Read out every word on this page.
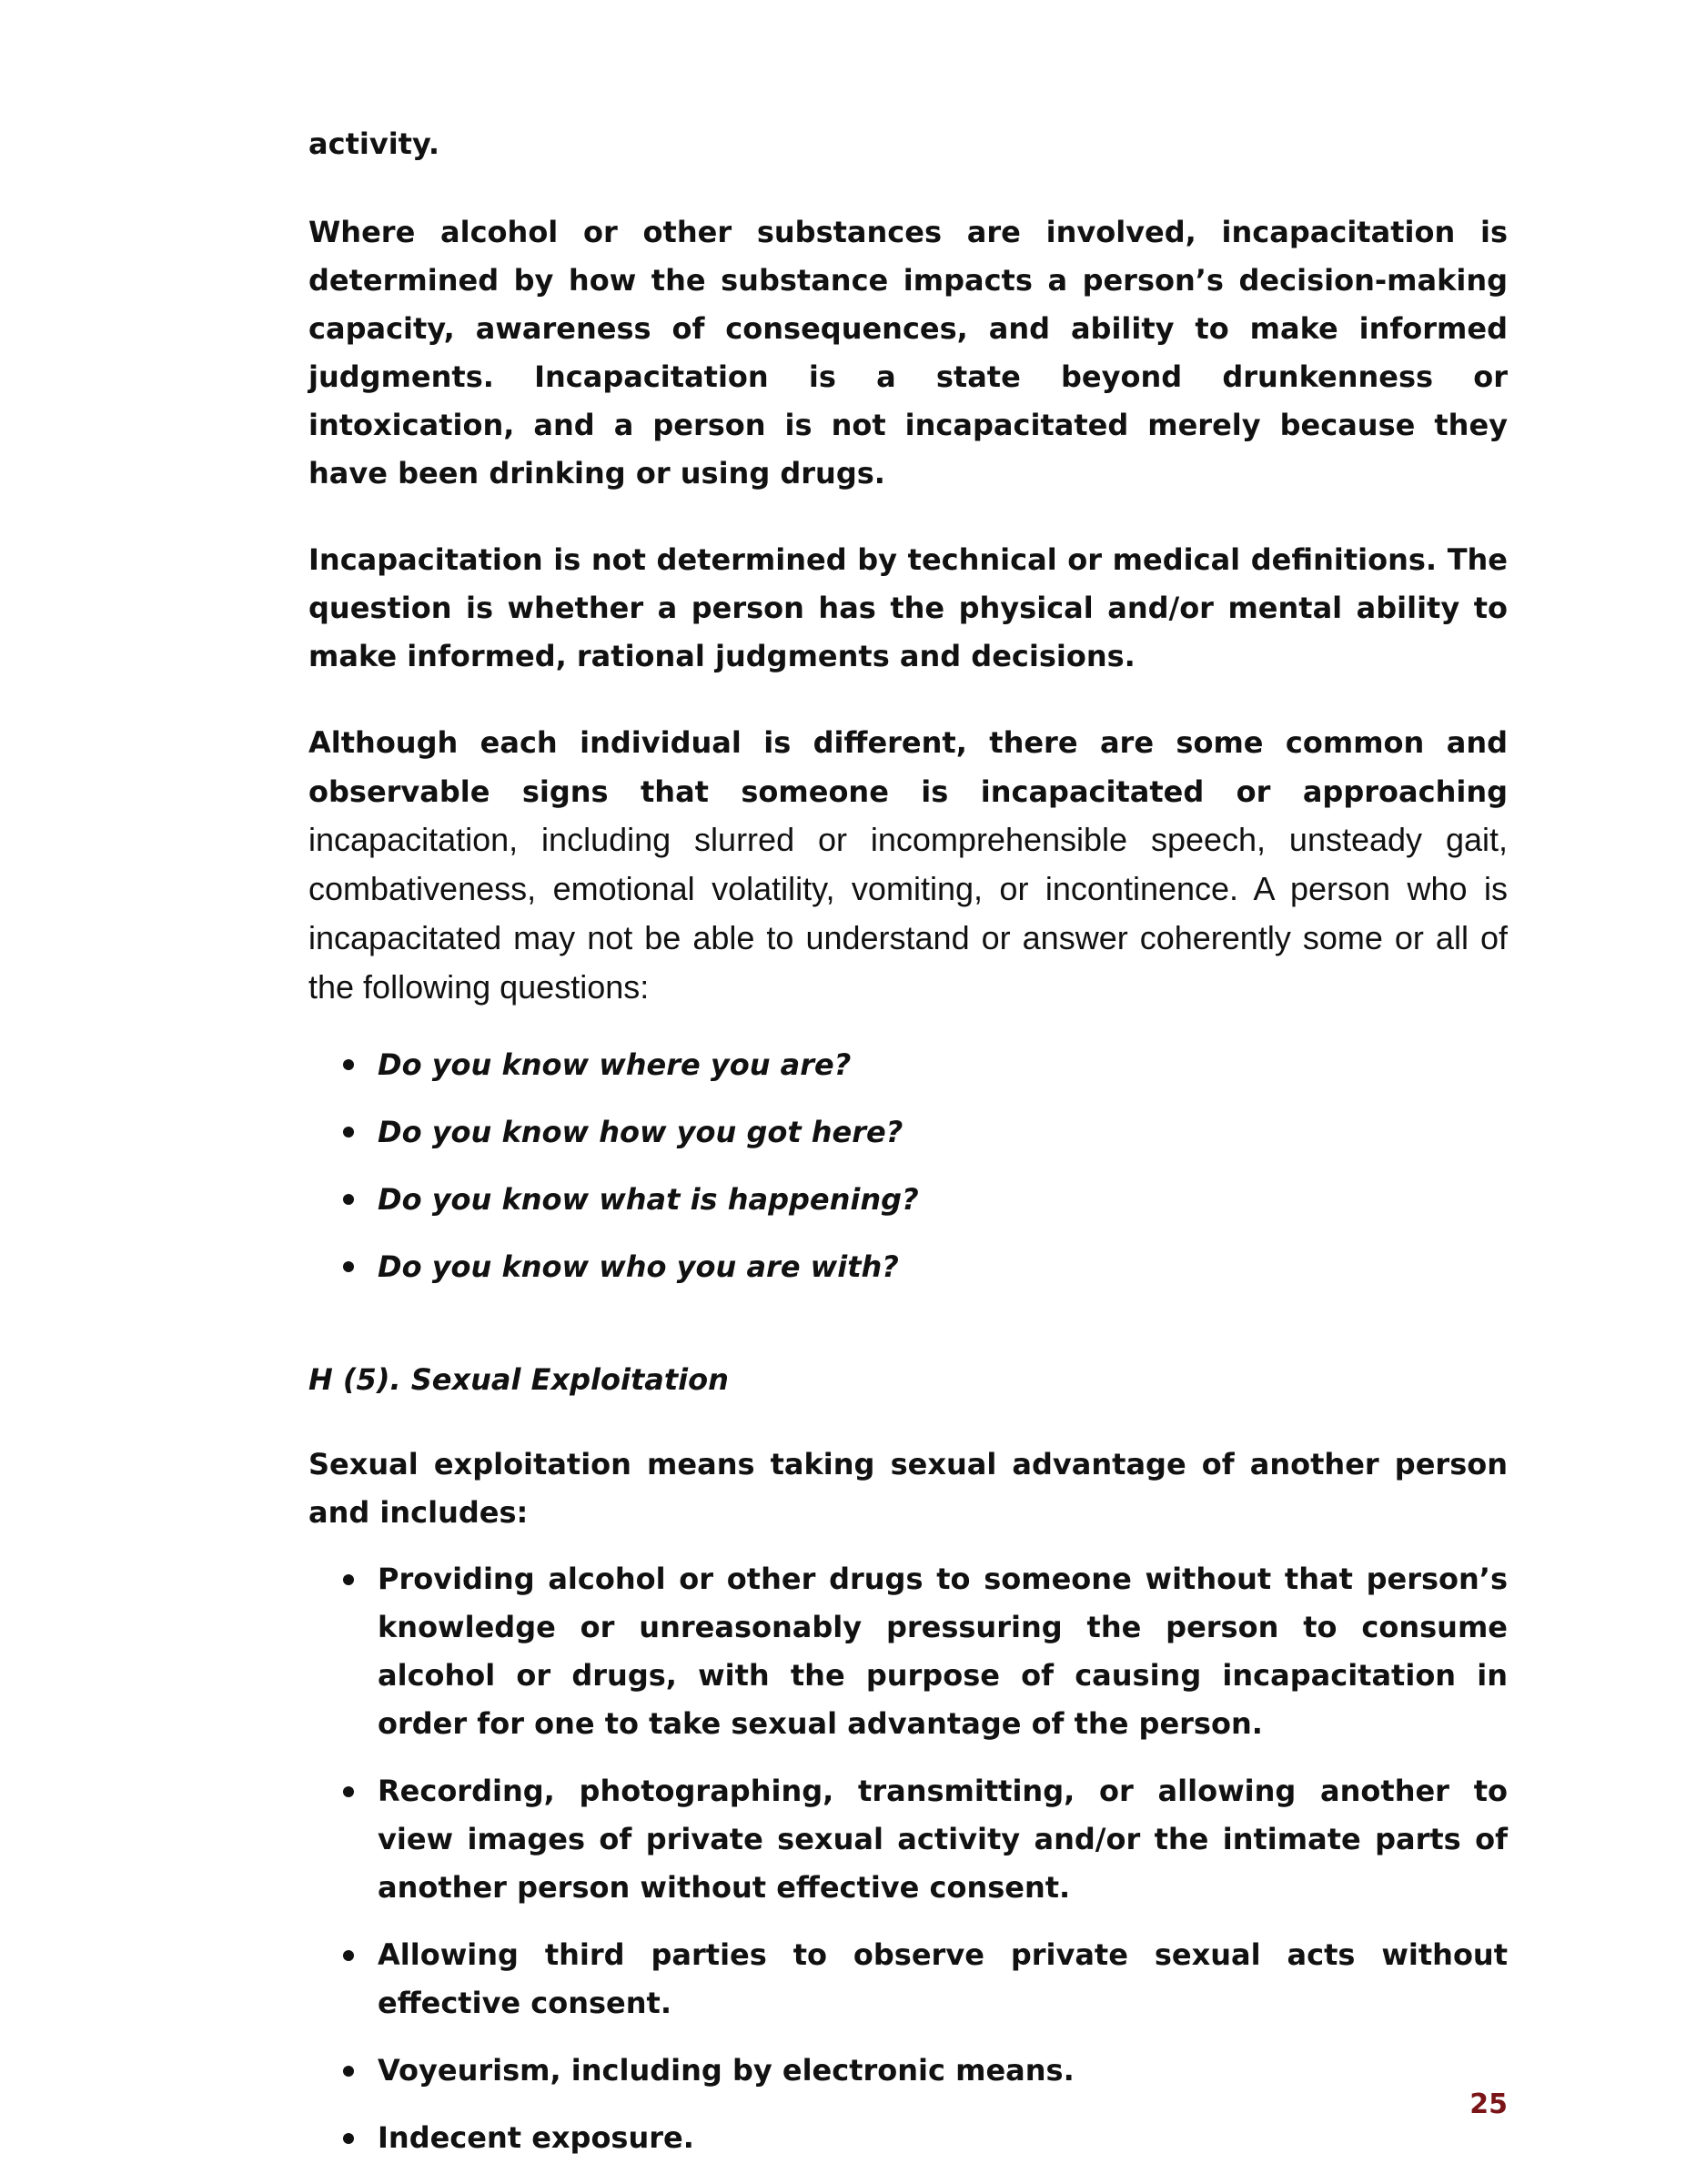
activity.

Where alcohol or other substances are involved, incapacitation is determined by how the substance impacts a person’s decision-making capacity, awareness of consequences, and ability to make informed judgments. Incapacitation is a state beyond drunkenness or intoxication, and a person is not incapacitated merely because they have been drinking or using drugs.

Incapacitation is not determined by technical or medical definitions. The question is whether a person has the physical and/or mental ability to make informed, rational judgments and decisions.

Although each individual is different, there are some common and observable signs that someone is incapacitated or approaching incapacitation, including slurred or incomprehensible speech, unsteady gait, combativeness, emotional volatility, vomiting, or incontinence. A person who is incapacitated may not be able to understand or answer coherently some or all of the following questions:

Do you know where you are?
Do you know how you got here?
Do you know what is happening?
Do you know who you are with?
H (5). Sexual Exploitation

Sexual exploitation means taking sexual advantage of another person and includes:

Providing alcohol or other drugs to someone without that person’s knowledge or unreasonably pressuring the person to consume alcohol or drugs, with the purpose of causing incapacitation in order for one to take sexual advantage of the person.
Recording, photographing, transmitting, or allowing another to view images of private sexual activity and/or the intimate parts of another person without effective consent.
Allowing third parties to observe private sexual acts without effective consent.
Voyeurism, including by electronic means.
Indecent exposure.
25
